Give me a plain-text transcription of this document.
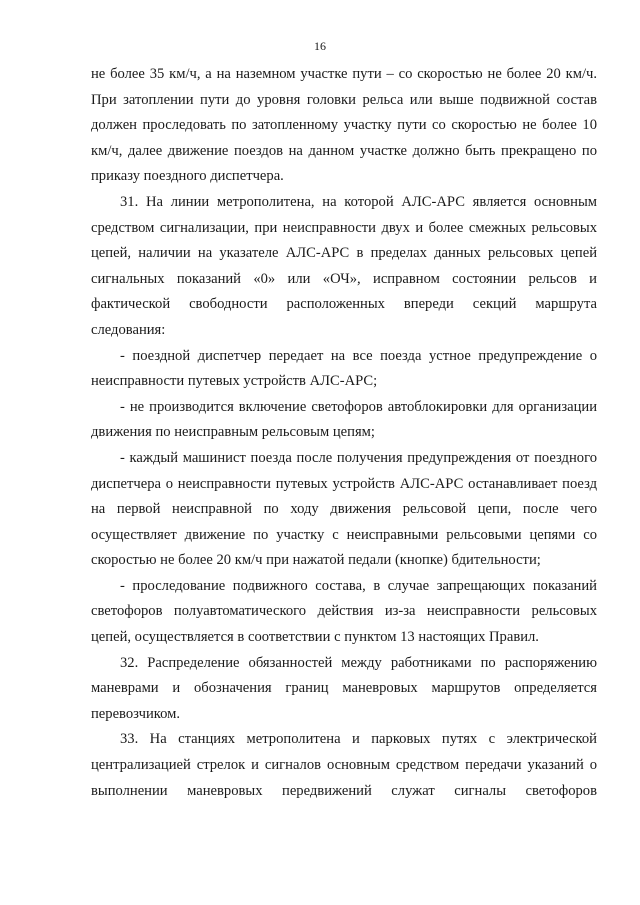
16

не более 35 км/ч, а на наземном участке пути – со скоростью не более 20 км/ч. При затоплении пути до уровня головки рельса или выше подвижной состав должен проследовать по затопленному участку пути со скоростью не более 10 км/ч, далее движение поездов на данном участке должно быть прекращено по приказу поездного диспетчера.

31. На линии метрополитена, на которой АЛС-АРС является основным средством сигнализации, при неисправности двух и более смежных рельсовых цепей, наличии на указателе АЛС-АРС в пределах данных рельсовых цепей сигнальных показаний «0» или «ОЧ», исправном состоянии рельсов и фактической свободности расположенных впереди секций маршрута следования:

- поездной диспетчер передает на все поезда устное предупреждение о неисправности путевых устройств АЛС-АРС;

- не производится включение светофоров автоблокировки для организации движения по неисправным рельсовым цепям;

- каждый машинист поезда после получения предупреждения от поездного диспетчера о неисправности путевых устройств АЛС-АРС останавливает поезд на первой неисправной по ходу движения рельсовой цепи, после чего осуществляет движение по участку с неисправными рельсовыми цепями со скоростью не более 20 км/ч при нажатой педали (кнопке) бдительности;

- проследование подвижного состава, в случае запрещающих показаний светофоров полуавтоматического действия из-за неисправности рельсовых цепей, осуществляется в соответствии с пунктом 13 настоящих Правил.

32. Распределение обязанностей между работниками по распоряжению маневрами и обозначения границ маневровых маршрутов определяется перевозчиком.

33. На станциях метрополитена и парковых путях с электрической централизацией стрелок и сигналов основным средством передачи указаний о выполнении маневровых передвижений служат сигналы светофоров
